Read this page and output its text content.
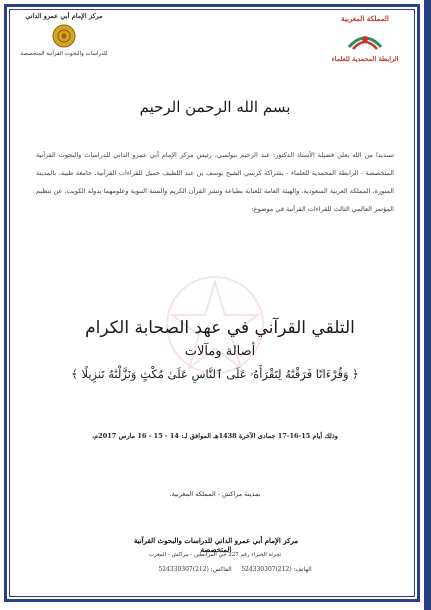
المملكة المغربية
الرابطة المحمدية للعلماء
مركز الإمام أبي عمرو الداني
للدراسات والبحوث القرآنية المتخصصة
بسم الله الرحمن الرحيم
تسديدا من الله يعلن فضيلة الأستاذ الدكتور: عبد الرحيم نبولسي، رئيس مركز الإمام أبي عمرو الداني للدراسات والبحوث القرآنية المتخصصة - الرابطة المحمدية للعلماء - بشراكة كرسي الشيخ يوسف بن عبد اللطيف جميل للقراءات القرآنية، جامعة طيبة، بالمدينة المنورة، المملكة العربية السعودية، والهيئة العامة للعناية بطباعة ونشر القرآن الكريم والسنة النبوية وعلومهما بدولة الكويت، عن تنظيم المؤتمر العالمي الثالث للقراءات القرآنية في موضوع:
التلقي القرآني في عهد الصحابة الكرام
أصالة ومآلات
﴿ وَقُرْءَانًا فَرَقْنَٰهُ لِتَقْرَأَهُۥ عَلَى ٱلنَّاسِ عَلَىٰ مُكْثٍ وَنَزَّلْنَٰهُ تَنزِيلًا ﴾
وذلك أيام 15-16-17 جمادى الآخرة 1438هـ الموافق لـ: 14 - 15 - 16 مارس 2017م،
بمدينة مراكش - المملكة المغربية.
مركز الإمام أبي عمرو الداني للدراسات والبحوث القرآنية المتخصصة
تجزئة الخيراء رقم 227 حي المرابطين - مراكش - المغرب
الهاتف: (212)524330307     الفاكس: (212)524330307
